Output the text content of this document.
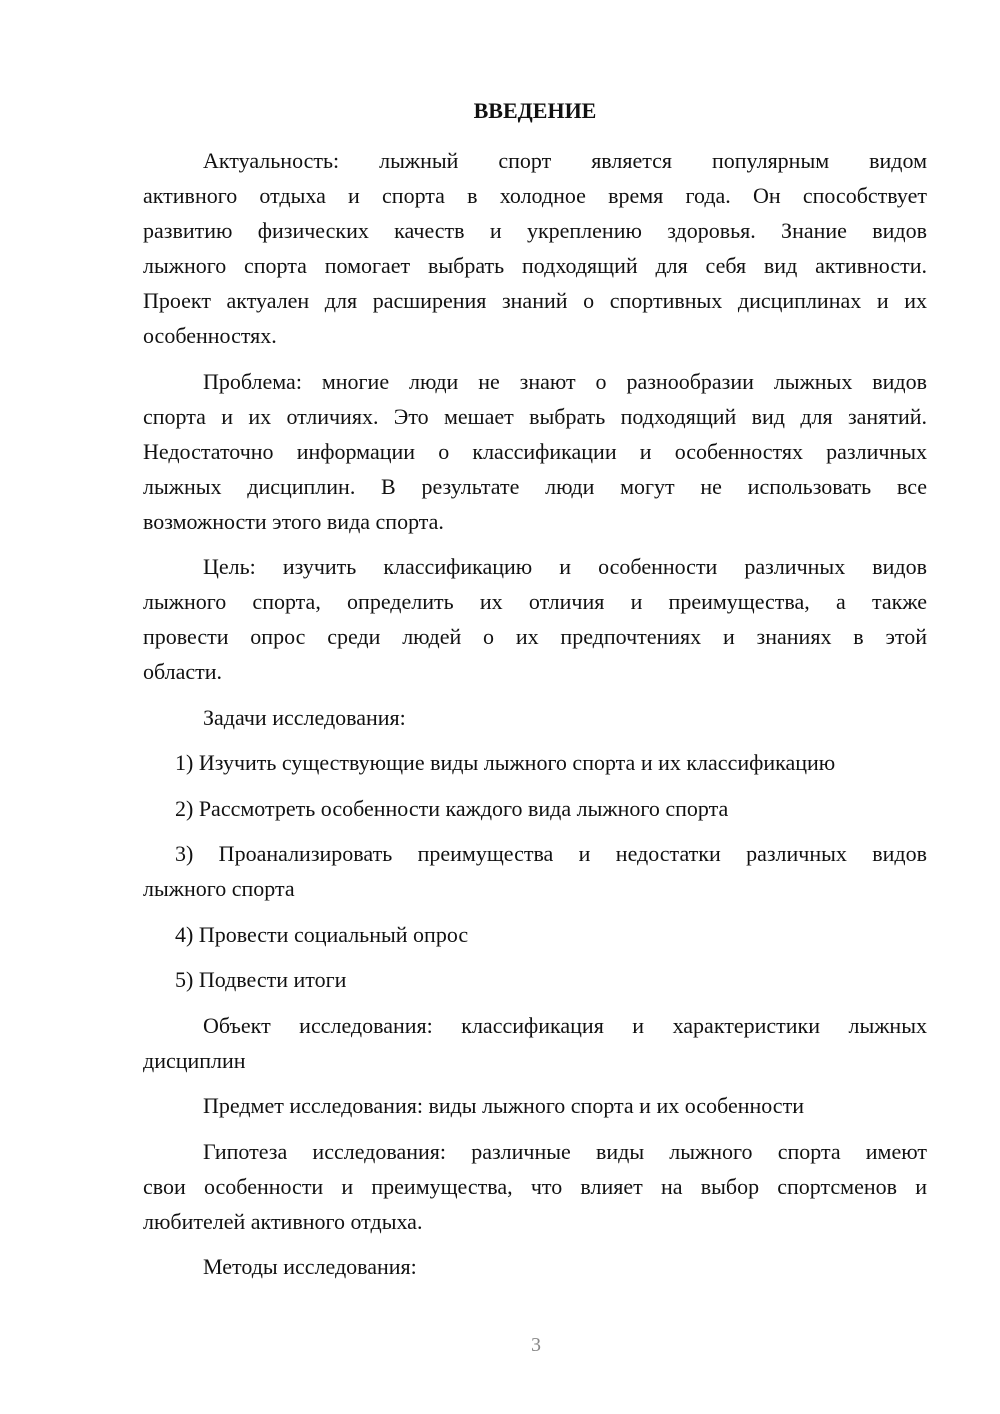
ВВЕДЕНИЕ
Актуальность: лыжный спорт является популярным видом
активного отдыха и спорта в холодное время года. Он способствует
развитию физических качеств и укреплению здоровья. Знание видов
лыжного спорта помогает выбрать подходящий для себя вид активности.
Проект актуален для расширения знаний о спортивных дисциплинах и их
особенностях.
Проблема: многие люди не знают о разнообразии лыжных видов
спорта и их отличиях. Это мешает выбрать подходящий вид для занятий.
Недостаточно информации о классификации и особенностях различных
лыжных дисциплин. В результате люди могут не использовать все
возможности этого вида спорта.
Цель: изучить классификацию и особенности различных видов
лыжного спорта, определить их отличия и преимущества, а также
провести опрос среди людей о их предпочтениях и знаниях в этой
области.
Задачи исследования:
1) Изучить существующие виды лыжного спорта и их классификацию
2) Рассмотреть особенности каждого вида лыжного спорта
3) Проанализировать преимущества и недостатки различных видов
лыжного спорта
4) Провести социальный опрос
5) Подвести итоги
Объект исследования: классификация и характеристики лыжных
дисциплин
Предмет исследования: виды лыжного спорта и их особенности
Гипотеза исследования: различные виды лыжного спорта имеют
свои особенности и преимущества, что влияет на выбор спортсменов и
любителей активного отдыха.
Методы исследования:
3
